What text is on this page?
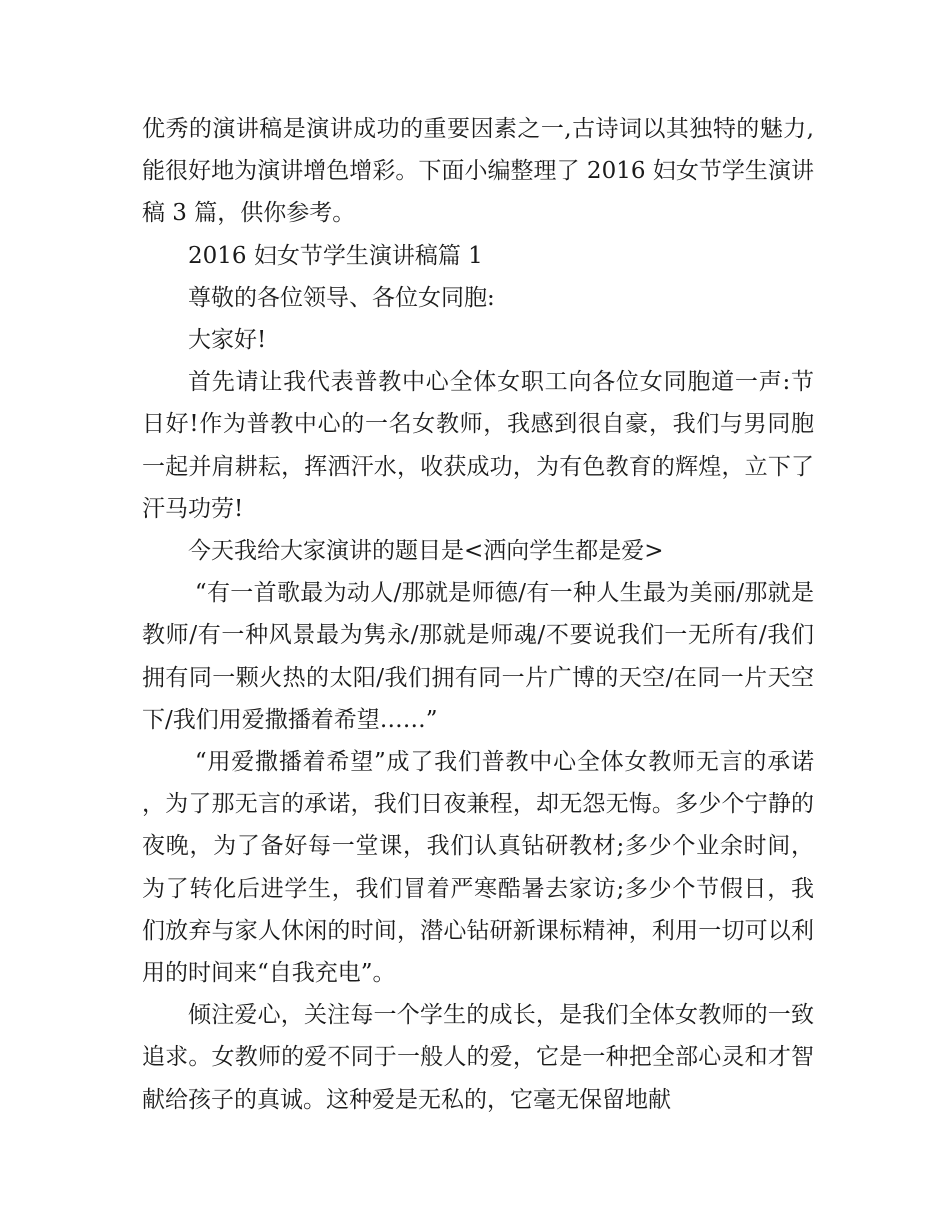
优秀的演讲稿是演讲成功的重要因素之一,古诗词以其独特的魅力,能很好地为演讲增色增彩。下面小编整理了 2016 妇女节学生演讲稿 3 篇，供你参考。

2016 妇女节学生演讲稿篇 1

尊敬的各位领导、各位女同胞:

大家好!

首先请让我代表普教中心全体女职工向各位女同胞道一声:节日好!作为普教中心的一名女教师，我感到很自豪，我们与男同胞一起并肩耕耘，挥洒汗水，收获成功，为有色教育的辉煌，立下了汗马功劳!

今天我给大家演讲的题目是<洒向学生都是爱>

“有一首歌最为动人/那就是师德/有一种人生最为美丽/那就是教师/有一种风景最为隽永/那就是师魂/不要说我们一无所有/我们拥有同一颗火热的太阳/我们拥有同一片广博的天空/在同一片天空下/我们用爱撒播着希望……”

“用爱撒播着希望”成了我们普教中心全体女教师无言的承诺，为了那无言的承诺，我们日夜兼程，却无怨无悔。多少个宁静的夜晚，为了备好每一堂课，我们认真钻研教材;多少个业余时间，为了转化后进学生，我们冒着严寒酷暑去家访;多少个节假日，我们放弃与家人休闲的时间，潜心钻研新课标精神，利用一切可以利用的时间来“自我充电”。

倾注爱心，关注每一个学生的成长，是我们全体女教师的一致追求。女教师的爱不同于一般人的爱，它是一种把全部心灵和才智献给孩子的真诚。这种爱是无私的，它毫无保留地献
